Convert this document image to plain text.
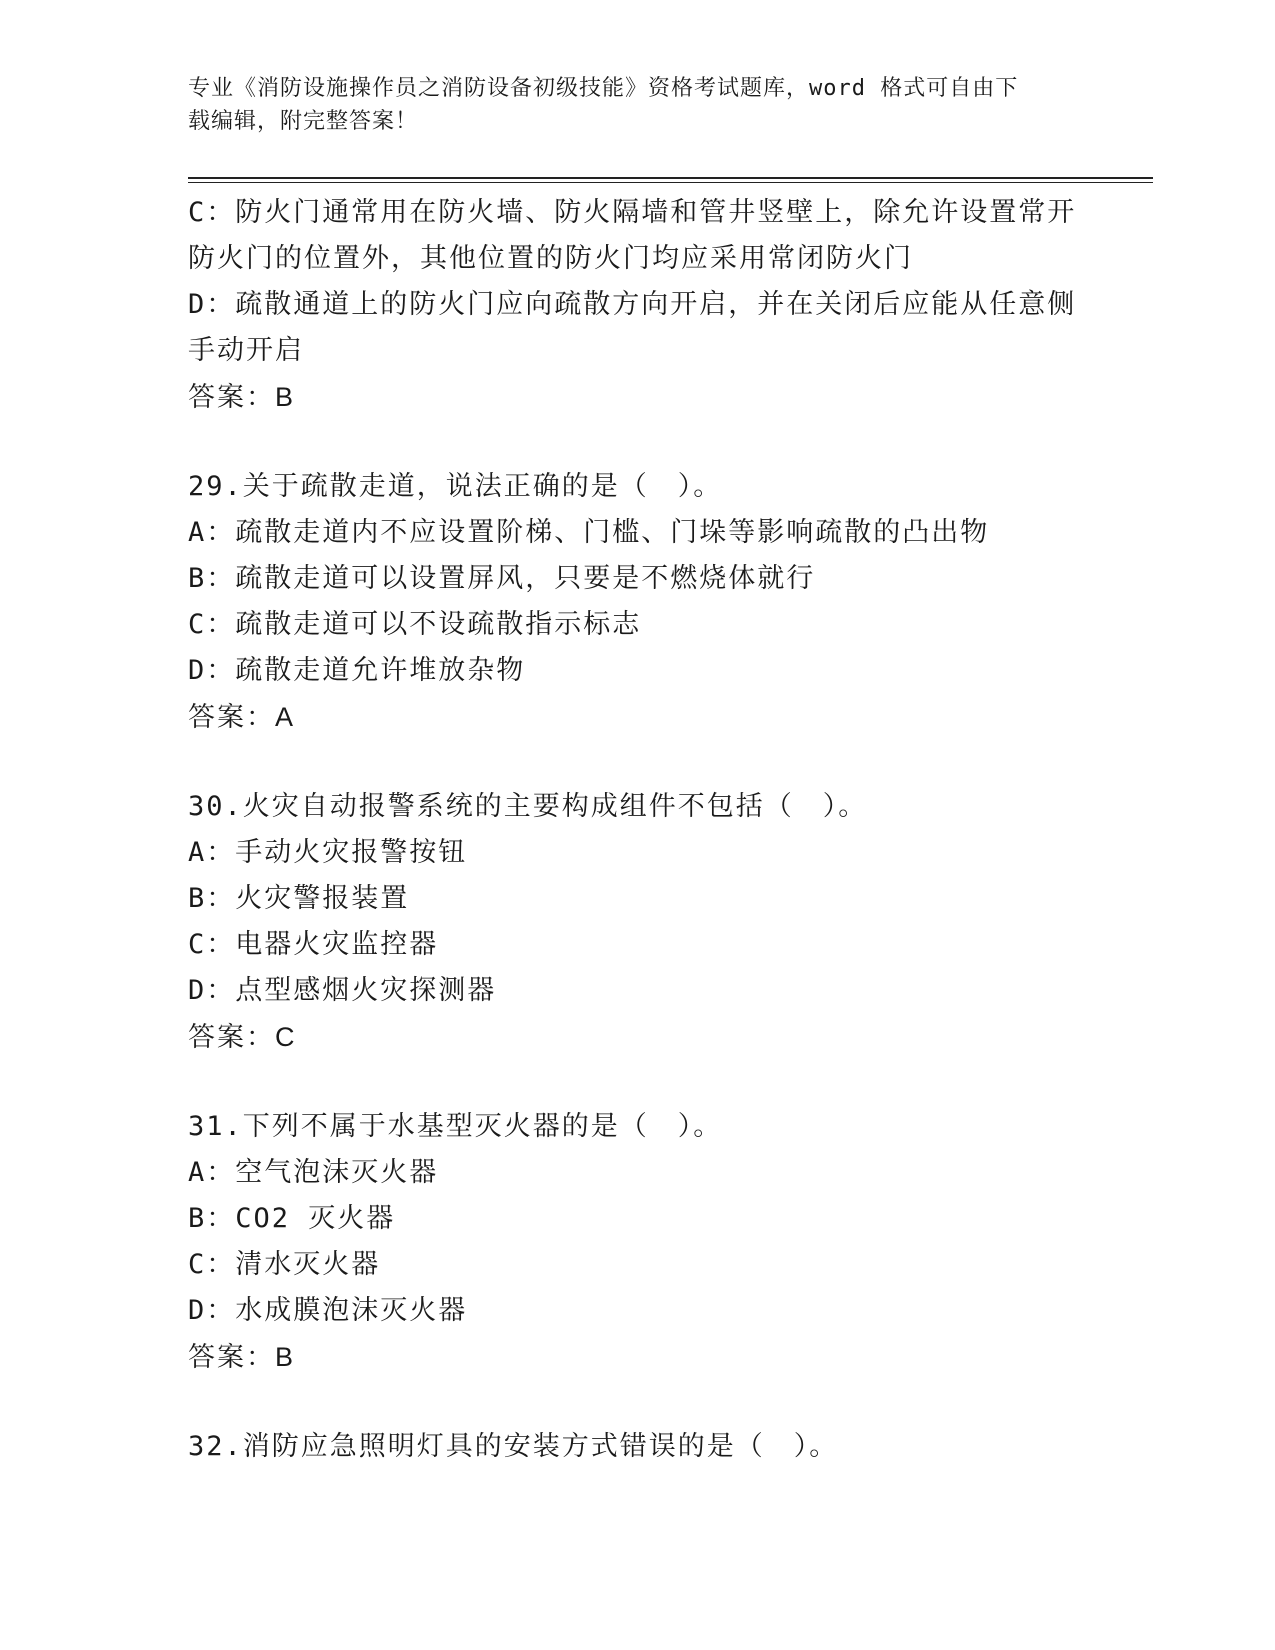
专业《消防设施操作员之消防设备初级技能》资格考试题库，word 格式可自由下
载编辑，附完整答案！
C：防火门通常用在防火墙、防火隔墙和管井竖壁上，除允许设置常开
防火门的位置外，其他位置的防火门均应采用常闭防火门
D：疏散通道上的防火门应向疏散方向开启，并在关闭后应能从任意侧
手动开启
答案：B
29.关于疏散走道，说法正确的是（　）。
A：疏散走道内不应设置阶梯、门槛、门垛等影响疏散的凸出物
B：疏散走道可以设置屏风，只要是不燃烧体就行
C：疏散走道可以不设疏散指示标志
D：疏散走道允许堆放杂物
答案：A
30.火灾自动报警系统的主要构成组件不包括（　）。
A：手动火灾报警按钮
B：火灾警报装置
C：电器火灾监控器
D：点型感烟火灾探测器
答案：C
31.下列不属于水基型灭火器的是（　）。
A：空气泡沫灭火器
B：CO2 灭火器
C：清水灭火器
D：水成膜泡沫灭火器
答案：B
32.消防应急照明灯具的安装方式错误的是（　）。
